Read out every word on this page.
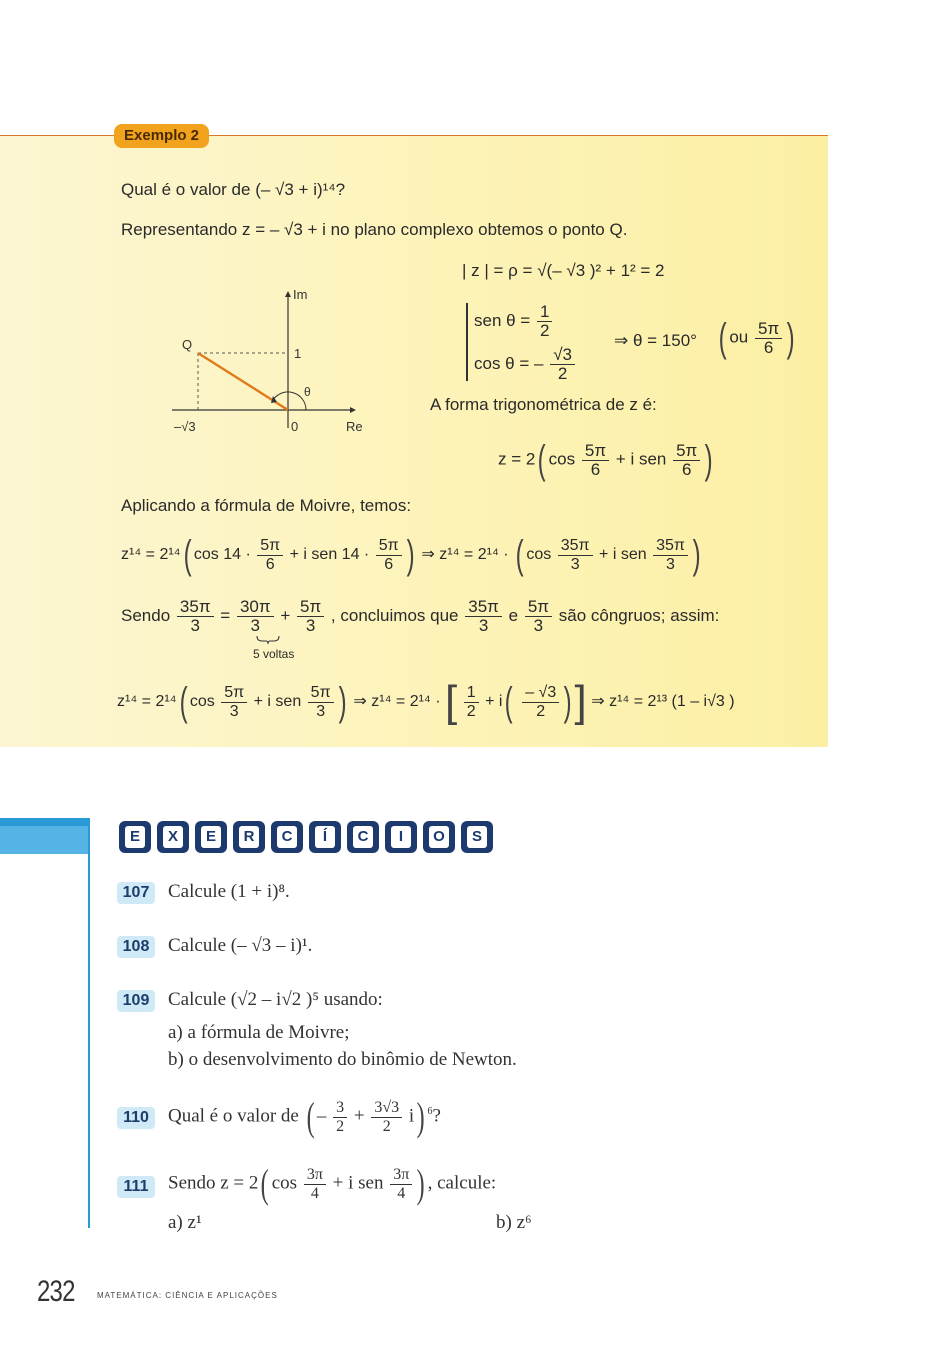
Exemplo 2
Qual é o valor de (– √3 + i)¹⁴?
Representando z = – √3 + i no plano complexo obtemos o ponto Q.
Im
Re
Q
1
0
θ
–√3
| z | = ρ = √(– √3 )² + 1² = 2
sen $\theta = \frac{1}{2}$
cos θ = – $\frac{√3}{2}$
⇒ θ = 150° ( ou $\frac{5\pi}{6}$ )
A forma trigonométrica de z é:
z = 2( $\cos \frac{5\pi}{6} + i$ sen $\frac{5\pi}{6}$ )
Aplicando a fórmula de Moivre, temos:
z¹⁴ = 2¹⁴( $\cos 14 \cdot \frac{5\pi}{6} + i$ sen $14 \cdot \frac{5\pi}{6}$ ) ⇒ z¹⁴ = 2¹⁴ · ( $\cos \frac{35\pi}{3} + i$ sen $\frac{35\pi}{3}$ )
Sendo $\frac{35\pi}{3} = \frac{30\pi}{3} + \frac{5\pi}{3}$ , concluimos que $\frac{35\pi}{3}$ e $\frac{5\pi}{3}$ são côngruos; assim:
5 voltas
z¹⁴ = 2¹⁴( $\cos \frac{5\pi}{3} + i$ sen $\frac{5\pi}{3}$ ) ⇒ z¹⁴ = 2¹⁴ · [ $\frac{1}{2} + i( \frac{- √3}{2}$ )] ⇒ z¹⁴ = 2¹³ (1 – i√3 )
E	X	E	R	C	Í	C	I	O	S
107 Calcule (1 + i)⁸.
108 Calcule (– √3 – i)¹.
109 Calcule (√2 – i√2 )⁵ usando:
a) a fórmula de Moivre;
b) o desenvolvimento do binômio de Newton.
110	Qual é o valor de ( – $\frac{3}{2} + \frac{3√3}{2} i$) $^6$?
111	Sendo z = 2( $\cos \frac{3\pi}{4} + i$ sen $\frac{3\pi}{4}$ ) , calcule:
a) z¹	b) z⁶
232	MATEMÁTICA: CIÊNCIA E APLICAÇÕES
